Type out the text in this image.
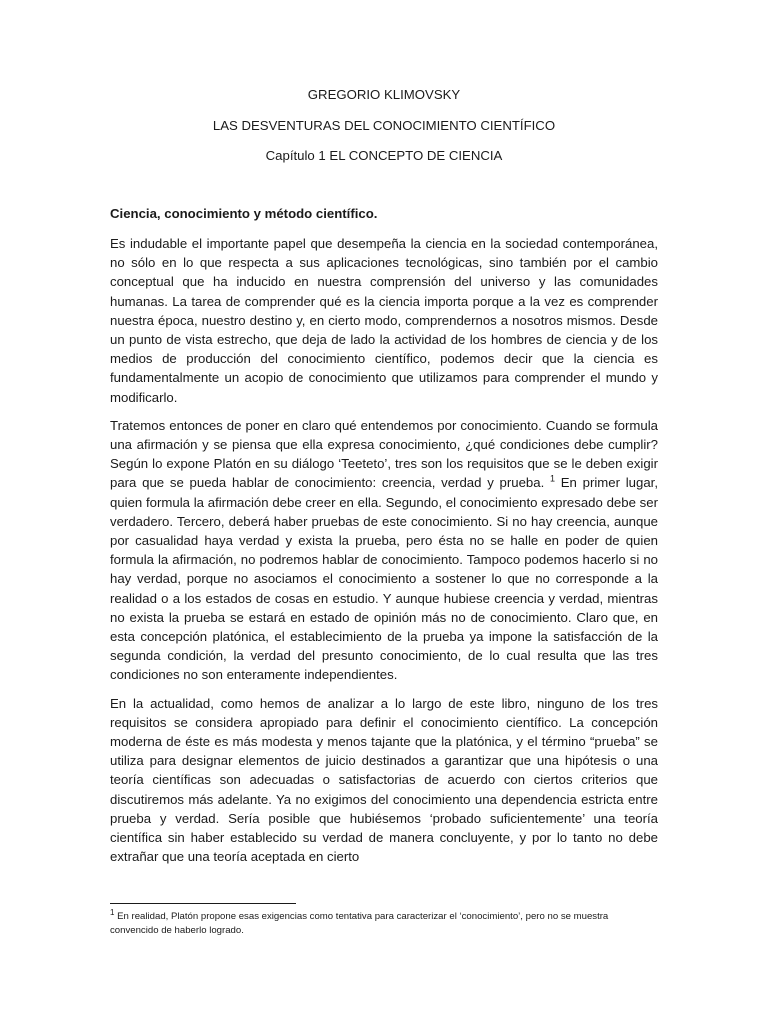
GREGORIO KLIMOVSKY

LAS DESVENTURAS DEL CONOCIMIENTO CIENTÍFICO

Capítulo 1 EL CONCEPTO DE CIENCIA

Ciencia, conocimiento y método científico.

Es indudable el importante papel que desempeña la ciencia en la sociedad contemporánea, no sólo en lo que respecta a sus aplicaciones tecnológicas, sino también por el cambio conceptual que ha inducido en nuestra comprensión del universo y las comunidades humanas. La tarea de comprender qué es la ciencia importa porque a la vez es comprender nuestra época, nuestro destino y, en cierto modo, comprendernos a nosotros mismos. Desde un punto de vista estrecho, que deja de lado la actividad de los hombres de ciencia y de los medios de producción del conocimiento científico, podemos decir que la ciencia es fundamentalmente un acopio de conocimiento que utilizamos para comprender el mundo y modificarlo.

Tratemos entonces de poner en claro qué entendemos por conocimiento. Cuando se formula una afirmación y se piensa que ella expresa conocimiento, ¿qué condiciones debe cumplir? Según lo expone Platón en su diálogo ‘Teeteto’, tres son los requisitos que se le deben exigir para que se pueda hablar de conocimiento: creencia, verdad y prueba. $^1$ En primer lugar, quien formula la afirmación debe creer en ella. Segundo, el conocimiento expresado debe ser verdadero. Tercero, deberá haber pruebas de este conocimiento. Si no hay creencia, aunque por casualidad haya verdad y exista la prueba, pero ésta no se halle en poder de quien formula la afirmación, no podremos hablar de conocimiento. Tampoco podemos hacerlo si no hay verdad, porque no asociamos el conocimiento a sostener lo que no corresponde a la realidad o a los estados de cosas en estudio. Y aunque hubiese creencia y verdad, mientras no exista la prueba se estará en estado de opinión más no de conocimiento. Claro que, en esta concepción platónica, el establecimiento de la prueba ya impone la satisfacción de la segunda condición, la verdad del presunto conocimiento, de lo cual resulta que las tres condiciones no son enteramente independientes.

En la actualidad, como hemos de analizar a lo largo de este libro, ninguno de los tres requisitos se considera apropiado para definir el conocimiento científico. La concepción moderna de éste es más modesta y menos tajante que la platónica, y el término “prueba” se utiliza para designar elementos de juicio destinados a garantizar que una hipótesis o una teoría científicas son adecuadas o satisfactorias de acuerdo con ciertos criterios que discutiremos más adelante. Ya no exigimos del conocimiento una dependencia estricta entre prueba y verdad. Sería posible que hubiésemos ‘probado suficientemente’ una teoría científica sin haber establecido su verdad de manera concluyente, y por lo tanto no debe extrañar que una teoría aceptada en cierto

$^1$ En realidad, Platón propone esas exigencias como tentativa para caracterizar el ‘conocimiento’, pero no se muestra convencido de haberlo logrado.
